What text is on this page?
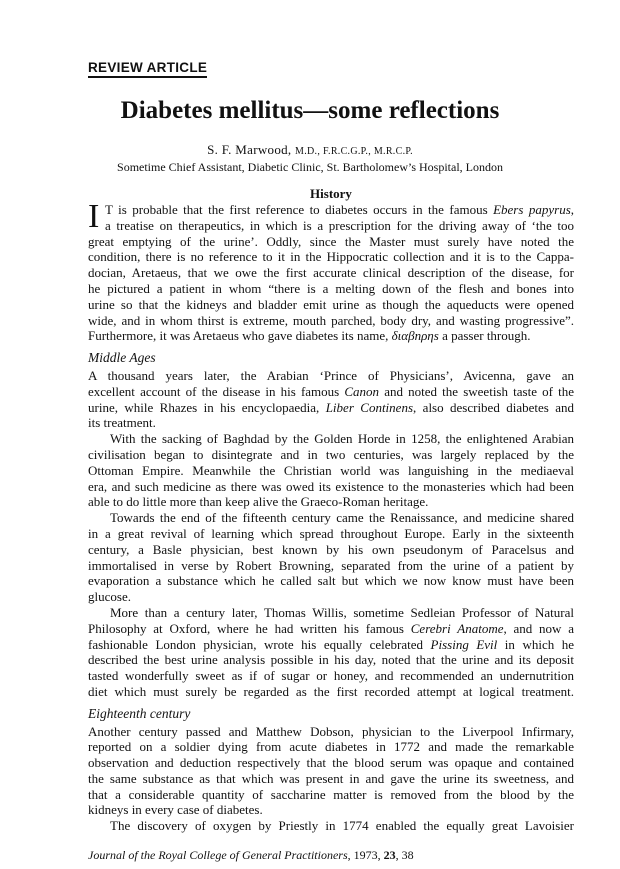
REVIEW ARTICLE
Diabetes mellitus—some reflections
S. F. Marwood, M.D., F.R.C.G.P., M.R.C.P.
Sometime Chief Assistant, Diabetic Clinic, St. Bartholomew’s Hospital, London
History
I T is probable that the first reference to diabetes occurs in the famous Ebers papyrus,
a treatise on therapeutics, in which is a prescription for the driving away of ‘the too
great emptying of the urine’. Oddly, since the Master must surely have noted the
condition, there is no reference to it in the Hippocratic collection and it is to the Cappa-
docian, Aretaeus, that we owe the first accurate clinical description of the disease, for
he pictured a patient in whom “there is a melting down of the flesh and bones into
urine so that the kidneys and bladder emit urine as though the aqueducts were opened
wide, and in whom thirst is extreme, mouth parched, body dry, and wasting progressive”.
Furthermore, it was Aretaeus who gave diabetes its name, διαβnρηs a passer through.
Middle Ages
A thousand years later, the Arabian ‘Prince of Physicians’, Avicenna, gave an
excellent account of the disease in his famous Canon and noted the sweetish taste of the
urine, while Rhazes in his encyclopaedia, Liber Continens, also described diabetes and
its treatment.
With the sacking of Baghdad by the Golden Horde in 1258, the enlightened Arabian
civilisation began to disintegrate and in two centuries, was largely replaced by the
Ottoman Empire. Meanwhile the Christian world was languishing in the mediaeval
era, and such medicine as there was owed its existence to the monasteries which had been
able to do little more than keep alive the Graeco-Roman heritage.
Towards the end of the fifteenth century came the Renaissance, and medicine shared
in a great revival of learning which spread throughout Europe. Early in the sixteenth
century, a Basle physician, best known by his own pseudonym of Paracelsus and
immortalised in verse by Robert Browning, separated from the urine of a patient by
evaporation a substance which he called salt but which we now know must have been
glucose.
More than a century later, Thomas Willis, sometime Sedleian Professor of Natural
Philosophy at Oxford, where he had written his famous Cerebri Anatome, and now a
fashionable London physician, wrote his equally celebrated Pissing Evil in which he
described the best urine analysis possible in his day, noted that the urine and its deposit
tasted wonderfully sweet as if of sugar or honey, and recommended an undernutrition
diet which must surely be regarded as the first recorded attempt at logical treatment.
Eighteenth century
Another century passed and Matthew Dobson, physician to the Liverpool Infirmary,
reported on a soldier dying from acute diabetes in 1772 and made the remarkable
observation and deduction respectively that the blood serum was opaque and contained
the same substance as that which was present in and gave the urine its sweetness, and
that a considerable quantity of saccharine matter is removed from the blood by the
kidneys in every case of diabetes.
The discovery of oxygen by Priestly in 1774 enabled the equally great Lavoisier
Journal of the Royal College of General Practitioners, 1973, 23, 38
